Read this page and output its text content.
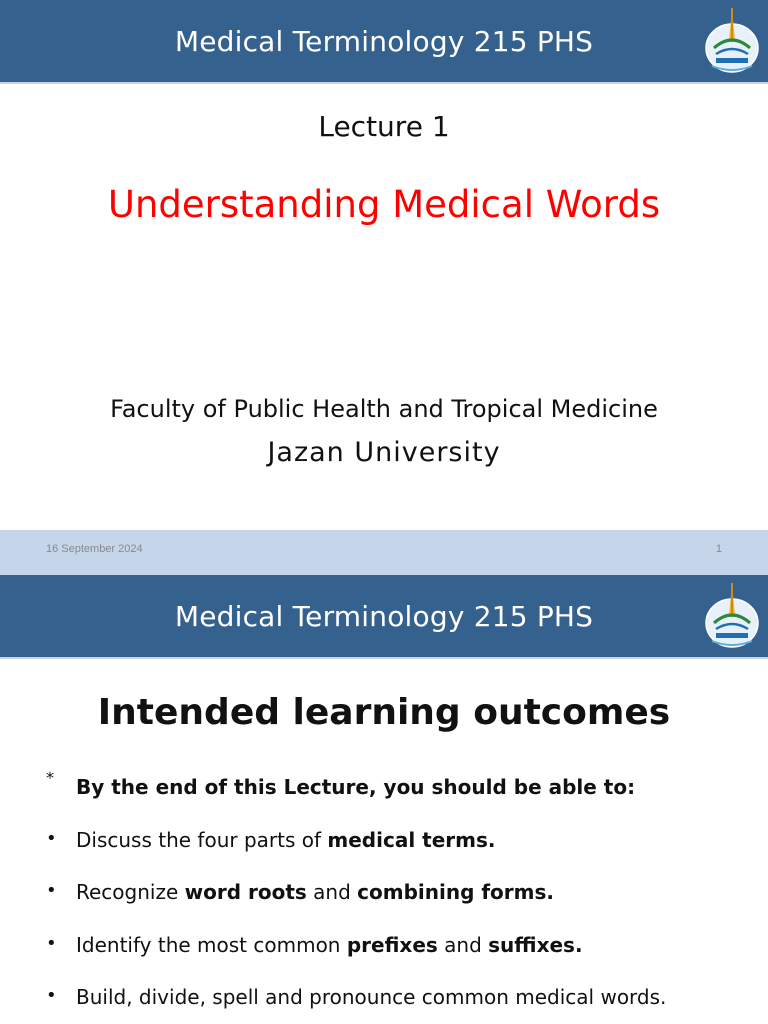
Medical Terminology 215 PHS
Lecture 1
Understanding Medical Words
Faculty of Public Health and Tropical Medicine
Jazan University
16 September 2024	1
Medical Terminology 215 PHS
Intended learning outcomes
* By the end of this Lecture, you should be able to:
• Discuss the four parts of medical terms.
• Recognize word roots and combining forms.
• Identify the most common prefixes and suffixes.
• Build, divide, spell and pronounce common medical words.
